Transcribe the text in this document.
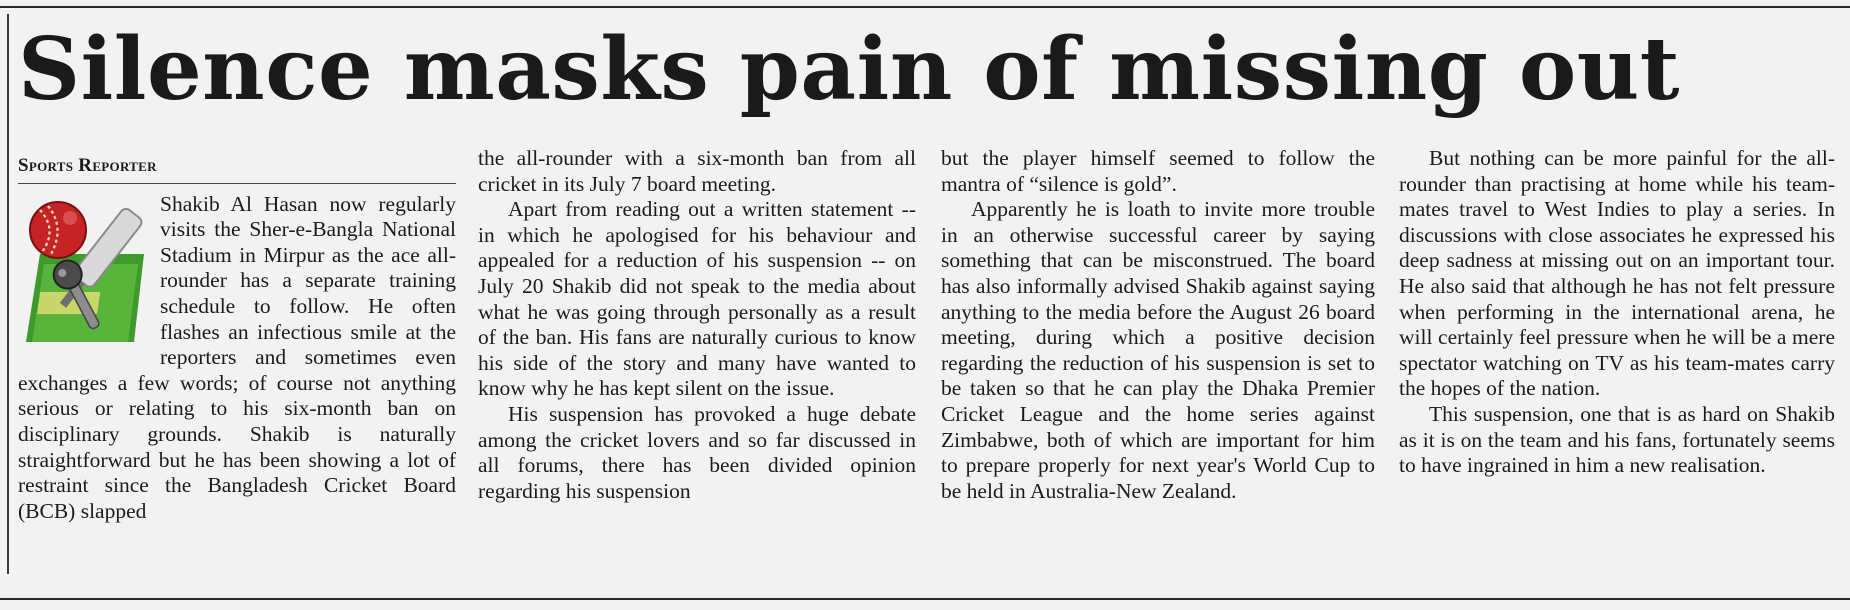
Silence masks pain of missing out
Sports Reporter

Shakib Al Hasan now regularly visits the Sher-e-Bangla National Stadium in Mirpur as the ace all-rounder has a separate training schedule to follow. He often flashes an infectious smile at the reporters and sometimes even exchanges a few words; of course not anything serious or relating to his six-month ban on disciplinary grounds. Shakib is naturally straightforward but he has been showing a lot of restraint since the Bangladesh Cricket Board (BCB) slapped

the all-rounder with a six-month ban from all cricket in its July 7 board meeting.

Apart from reading out a written statement -- in which he apologised for his behaviour and appealed for a reduction of his suspension -- on July 20 Shakib did not speak to the media about what he was going through personally as a result of the ban. His fans are naturally curious to know his side of the story and many have wanted to know why he has kept silent on the issue.

His suspension has provoked a huge debate among the cricket lovers and so far discussed in all forums, there has been divided opinion regarding his suspension

but the player himself seemed to follow the mantra of “silence is gold”.

Apparently he is loath to invite more trouble in an otherwise successful career by saying something that can be misconstrued. The board has also informally advised Shakib against saying anything to the media before the August 26 board meeting, during which a positive decision regarding the reduction of his suspension is set to be taken so that he can play the Dhaka Premier Cricket League and the home series against Zimbabwe, both of which are important for him to prepare properly for next year's World Cup to be held in Australia-New Zealand.

But nothing can be more painful for the all-rounder than practising at home while his team-mates travel to West Indies to play a series. In discussions with close associates he expressed his deep sadness at missing out on an important tour. He also said that although he has not felt pressure when performing in the international arena, he will certainly feel pressure when he will be a mere spectator watching on TV as his team-mates carry the hopes of the nation.

This suspension, one that is as hard on Shakib as it is on the team and his fans, fortunately seems to have ingrained in him a new realisation.
